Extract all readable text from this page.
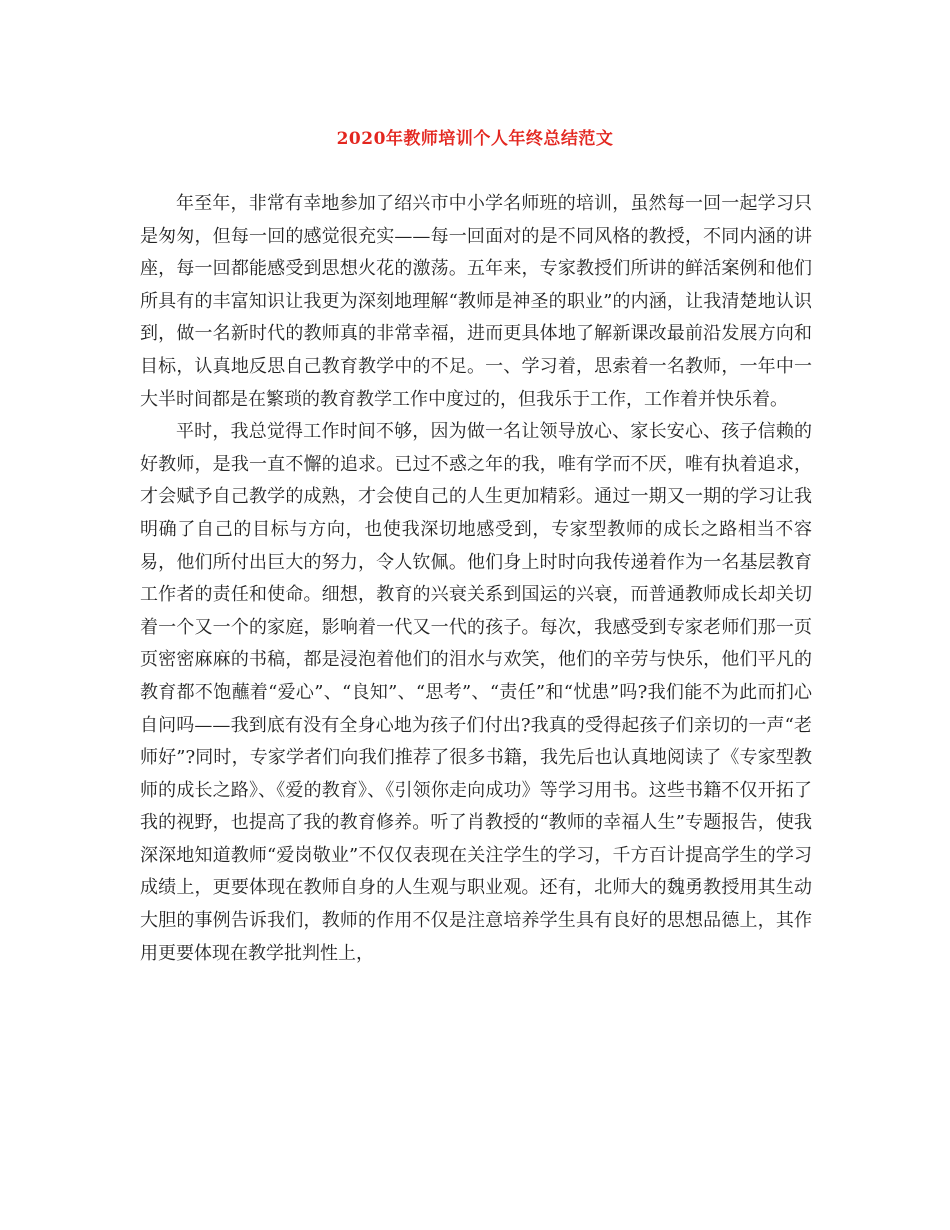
2020年教师培训个人年终总结范文

年至年，非常有幸地参加了绍兴市中小学名师班的培训，虽然每一回一起学习只是匆匆，但每一回的感觉很充实——每一回面对的是不同风格的教授，不同内涵的讲座，每一回都能感受到思想火花的激荡。五年来，专家教授们所讲的鲜活案例和他们所具有的丰富知识让我更为深刻地理解“教师是神圣的职业”的内涵，让我清楚地认识到，做一名新时代的教师真的非常幸福，进而更具体地了解新课改最前沿发展方向和目标，认真地反思自己教育教学中的不足。一、学习着，思索着一名教师，一年中一大半时间都是在繁琐的教育教学工作中度过的，但我乐于工作，工作着并快乐着。

平时，我总觉得工作时间不够，因为做一名让领导放心、家长安心、孩子信赖的好教师，是我一直不懈的追求。已过不惑之年的我，唯有学而不厌，唯有执着追求，才会赋予自己教学的成熟，才会使自己的人生更加精彩。通过一期又一期的学习让我明确了自己的目标与方向，也使我深切地感受到，专家型教师的成长之路相当不容易，他们所付出巨大的努力，令人钦佩。他们身上时时向我传递着作为一名基层教育工作者的责任和使命。细想，教育的兴衰关系到国运的兴衰，而普通教师成长却关切着一个又一个的家庭，影响着一代又一代的孩子。每次，我感受到专家老师们那一页页密密麻麻的书稿，都是浸泡着他们的泪水与欢笑，他们的辛劳与快乐，他们平凡的教育都不饱蘸着“爱心”、“良知”、“思考”、“责任”和“忧患”吗?我们能不为此而扪心自问吗——我到底有没有全身心地为孩子们付出?我真的受得起孩子们亲切的一声“老师好”?同时，专家学者们向我们推荐了很多书籍，我先后也认真地阅读了《专家型教师的成长之路》、《爱的教育》、《引领你走向成功》等学习用书。这些书籍不仅开拓了我的视野，也提高了我的教育修养。听了肖教授的“教师的幸福人生”专题报告，使我深深地知道教师“爱岗敬业”不仅仅表现在关注学生的学习，千方百计提高学生的学习成绩上，更要体现在教师自身的人生观与职业观。还有，北师大的魏勇教授用其生动大胆的事例告诉我们，教师的作用不仅是注意培养学生具有良好的思想品德上，其作用更要体现在教学批判性上，
